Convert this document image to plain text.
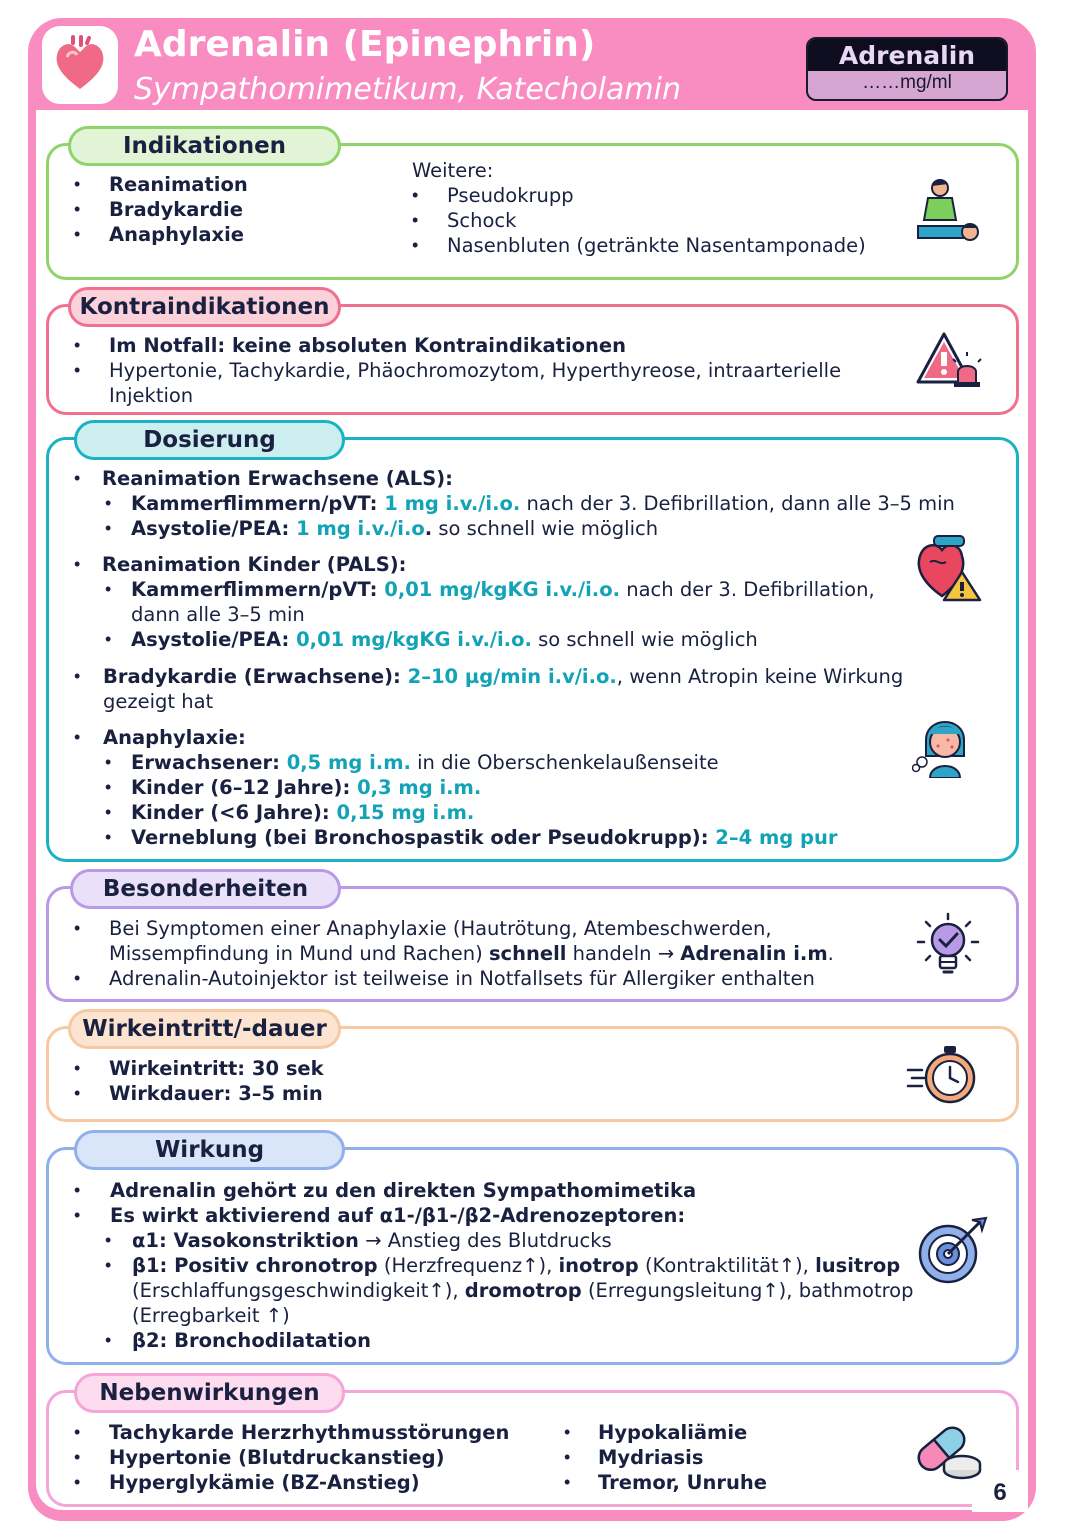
Adrenalin (Epinephrin)
Sympathomimetikum, Katecholamin
Adrenalin
……mg/ml
Indikationen
•
•
•
Reanimation
Bradykardie
Anaphylaxie
Weitere:
•
•
•
Pseudokrupp
Schock
Nasenbluten (getränkte Nasentamponade)
Kontraindikationen
•
•
Im Notfall: keine absoluten Kontraindikationen
Hypertonie, Tachykardie, Phäochromozytom, Hyperthyreose, intraarterielle
Injektion
Dosierung
• Reanimation Erwachsene (ALS):
• Kammerflimmern/pVT: 1 mg i.v./i.o. nach der 3. Defibrillation, dann alle 3–5 min
• Asystolie/PEA: 1 mg i.v./i.o. so schnell wie möglich
• Reanimation Kinder (PALS):
• Kammerflimmern/pVT: 0,01 mg/kgKG i.v./i.o. nach der 3. Defibrillation,
dann alle 3–5 min
• Asystolie/PEA: 0,01 mg/kgKG i.v./i.o. so schnell wie möglich
• Bradykardie (Erwachsene): 2–10 µg/min i.v/i.o., wenn Atropin keine Wirkung
gezeigt hat
• Anaphylaxie:
• Erwachsener: 0,5 mg i.m. in die Oberschenkelaußenseite
• Kinder (6–12 Jahre): 0,3 mg i.m.
• Kinder (<6 Jahre): 0,15 mg i.m.
• Verneblung (bei Bronchospastik oder Pseudokrupp): 2–4 mg pur
Besonderheiten
•
•
Bei Symptomen einer Anaphylaxie (Hautrötung, Atembeschwerden,
Missempfindung in Mund und Rachen) schnell handeln → Adrenalin i.m.
Adrenalin-Autoinjektor ist teilweise in Notfallsets für Allergiker enthalten
Wirkeintritt/-dauer
•
•
Wirkeintritt: 30 sek
Wirkdauer: 3–5 min
Wirkung
•
•
Adrenalin gehört zu den direkten Sympathomimetika
Es wirkt aktivierend auf α1-/β1-/β2-Adrenozeptoren:
• α1: Vasokonstriktion → Anstieg des Blutdrucks
• β1: Positiv chronotrop (Herzfrequenz↑), inotrop (Kontraktilität↑), lusitrop
(Erschlaffungsgeschwindigkeit↑), dromotrop (Erregungsleitung↑), bathmotrop
(Erregbarkeit ↑)
• β2: Bronchodilatation
Nebenwirkungen
•
•
•
Tachykarde Herzrhythmusstörungen
Hypertonie (Blutdruckanstieg)
Hyperglykämie (BZ-Anstieg)
•
•
•
Hypokaliämie
Mydriasis
Tremor, Unruhe	6
